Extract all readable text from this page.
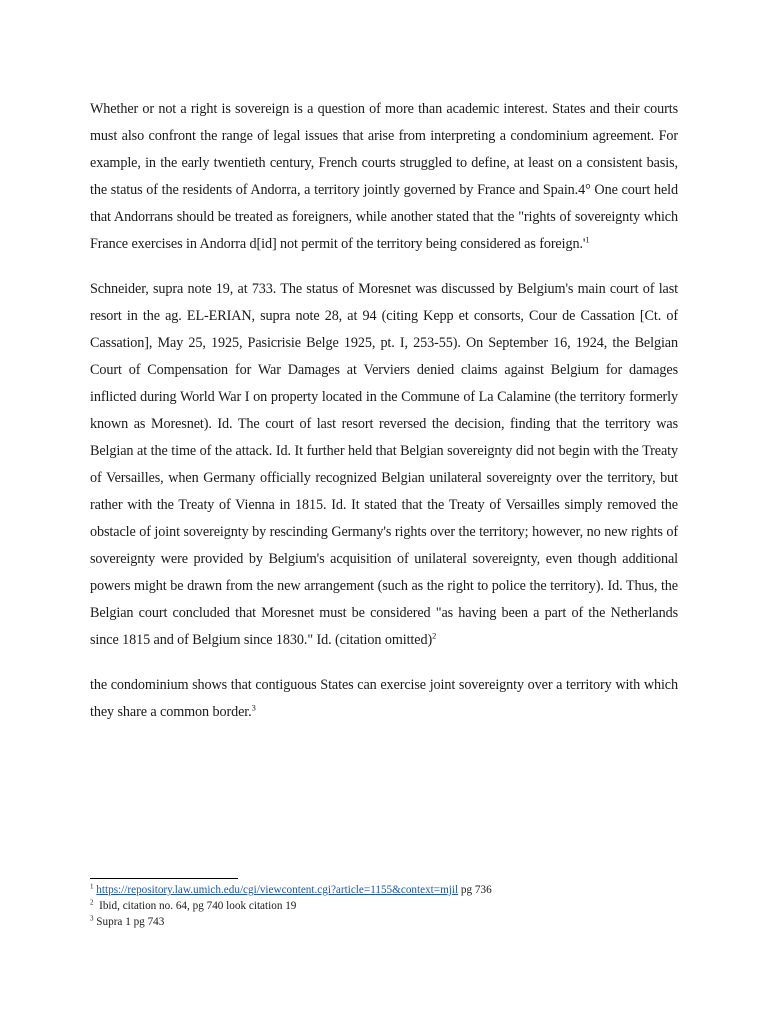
Whether or not a right is sovereign is a question of more than academic interest. States and their courts must also confront the range of legal issues that arise from interpreting a condominium agreement. For example, in the early twentieth century, French courts struggled to define, at least on a consistent basis, the status of the residents of Andorra, a territory jointly governed by France and Spain.4° One court held that Andorrans should be treated as foreigners, while another stated that the "rights of sovereignty which France exercises in Andorra d[id] not permit of the territory being considered as $foreign.'^1$

Schneider, supra note 19, at 733. The status of Moresnet was discussed by Belgium's main court of last resort in the ag. EL-ERIAN, supra note 28, at 94 (citing Kepp et consorts, Cour de Cassation [Ct. of Cassation], May 25, 1925, Pasicrisie Belge 1925, pt. I, 253-55). On September 16, 1924, the Belgian Court of Compensation for War Damages at Verviers denied claims against Belgium for damages inflicted during World War I on property located in the Commune of La Calamine (the territory formerly known as Moresnet). Id. The court of last resort reversed the decision, finding that the territory was Belgian at the time of the attack. Id. It further held that Belgian sovereignty did not begin with the Treaty of Versailles, when Germany officially recognized Belgian unilateral sovereignty over the territory, but rather with the Treaty of Vienna in 1815. Id. It stated that the Treaty of Versailles simply removed the obstacle of joint sovereignty by rescinding Germany's rights over the territory; however, no new rights of sovereignty were provided by Belgium's acquisition of unilateral sovereignty, even though additional powers might be drawn from the new arrangement (such as the right to police the territory). Id. Thus, the Belgian court concluded that Moresnet must be considered "as having been a part of the Netherlands since 1815 and of Belgium since 1830." Id. (citation omitted)$^2$

the condominium shows that contiguous States can exercise joint sovereignty over a territory with which they share a common border.$^3$

$^1$ https://repository.law.umich.edu/cgi/viewcontent.cgi?article=1155&context=mjil pg 736

$^2$  Ibid, citation no. 64, pg 740 look citation 19

$^3$ Supra 1 pg 743
